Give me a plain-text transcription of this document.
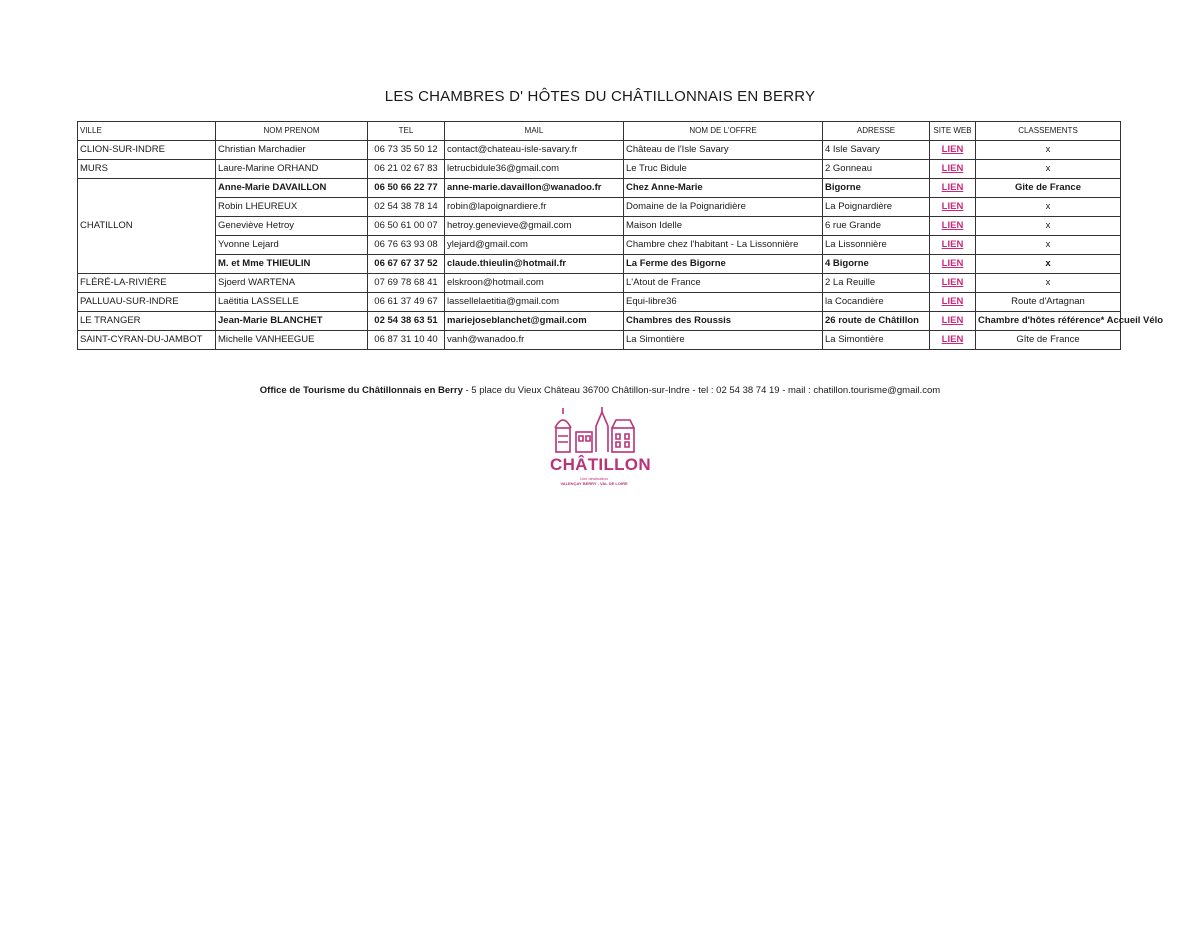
LES CHAMBRES D' HÔTES DU CHÂTILLONNAIS EN BERRY
VILLE	NOM PRENOM	TEL	MAIL	NOM DE L'OFFRE	ADRESSE	SITE WEB	CLASSEMENTS
CLION-SUR-INDRE	Christian Marchadier	06 73 35 50 12	contact@chateau-isle-savary.fr	Château de l'Isle Savary	4 Isle Savary	LIEN	x
MURS	Laure-Marine ORHAND	06 21 02 67 83	letrucbidule36@gmail.com	Le Truc Bidule	2 Gonneau	LIEN	x
CHATILLON	Anne-Marie DAVAILLON	06 50 66 22 77	anne-marie.davaillon@wanadoo.fr	Chez Anne-Marie	Bigorne	LIEN	Gite de France
	Robin LHEUREUX	02 54 38 78 14	robin@lapoignardiere.fr	Domaine de la Poignaridière	La Poignardière	LIEN	x
	Geneviève Hetroy	06 50 61 00 07	hetroy.genevieve@gmail.com	Maison Idelle	6 rue Grande	LIEN	x
	Yvonne Lejard	06 76 63 93 08	ylejard@gmail.com	Chambre chez l'habitant - La Lissonnière	La Lissonnière	LIEN	x
	M. et Mme THIEULIN	06 67 67 37 52	claude.thieulin@hotmail.fr	La Ferme des Bigorne	4 Bigorne	LIEN	x
FLÉRÉ-LA-RIVIÈRE	Sjoerd WARTENA	07 69 78 68 41	elskroon@hotmail.com	L'Atout de France	2 La Reuille	LIEN	x
PALLUAU-SUR-INDRE	Laëtitia LASSELLE	06 61 37 49 67	lassellelaetitia@gmail.com	Equi-libre36	la Cocandière	LIEN	Route d'Artagnan
LE TRANGER	Jean-Marie BLANCHET	02 54 38 63 51	mariejoseblanchet@gmail.com	Chambres des Roussis	26 route de Châtillon	LIEN	Chambre d'hôtes référence* Accueil Vélo
SAINT-CYRAN-DU-JAMBOT	Michelle VANHEEGUE	06 87 31 10 40	vanh@wanadoo.fr	La Simontière	La Simontière	LIEN	Gîte de France
Office de Tourisme du Châtillonnais en Berry - 5 place du Vieux Château 36700 Châtillon-sur-Indre - tel : 02 54 38 74 19 - mail : chatillon.tourisme@gmail.com
CHÂTILLON
Une destination
VALENÇAY BERRY - VAL DE LOIRE
